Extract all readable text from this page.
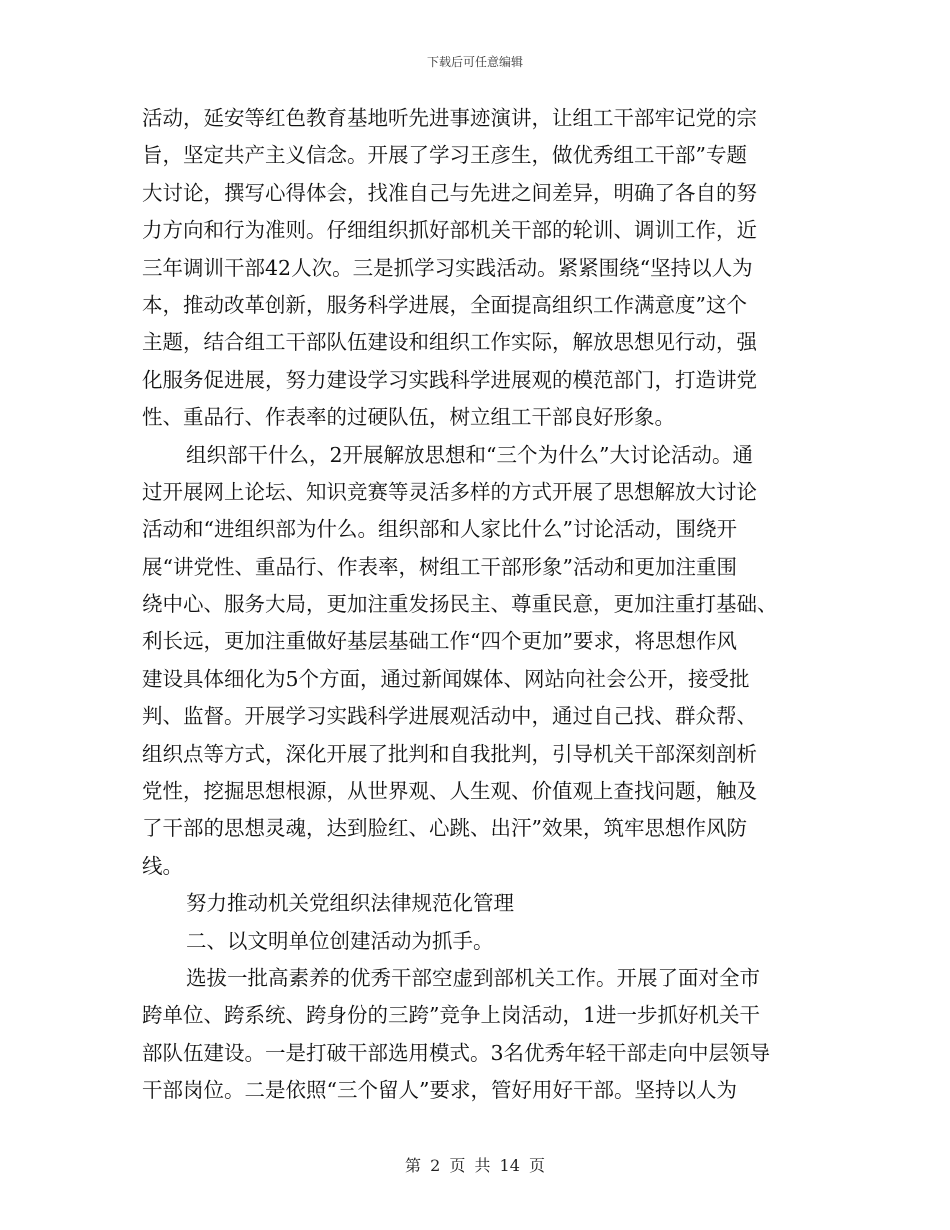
下载后可任意编辑
活动，延安等红色教育基地听先进事迹演讲，让组工干部牢记党的宗
旨，坚定共产主义信念。开展了学习王彦生，做优秀组工干部”专题
大讨论，撰写心得体会，找准自己与先进之间差异，明确了各自的努
力方向和行为准则。仔细组织抓好部机关干部的轮训、调训工作，近
三年调训干部42人次。三是抓学习实践活动。紧紧围绕“坚持以人为
本，推动改革创新，服务科学进展，全面提高组织工作满意度”这个
主题，结合组工干部队伍建设和组织工作实际，解放思想见行动，强
化服务促进展，努力建设学习实践科学进展观的模范部门，打造讲党
性、重品行、作表率的过硬队伍，树立组工干部良好形象。
组织部干什么，2开展解放思想和“三个为什么”大讨论活动。通
过开展网上论坛、知识竞赛等灵活多样的方式开展了思想解放大讨论
活动和“进组织部为什么。组织部和人家比什么”讨论活动，围绕开
展“讲党性、重品行、作表率，树组工干部形象”活动和更加注重围
绕中心、服务大局，更加注重发扬民主、尊重民意，更加注重打基础、
利长远，更加注重做好基层基础工作“四个更加”要求，将思想作风
建设具体细化为5个方面，通过新闻媒体、网站向社会公开，接受批
判、监督。开展学习实践科学进展观活动中，通过自己找、群众帮、
组织点等方式，深化开展了批判和自我批判，引导机关干部深刻剖析
党性，挖掘思想根源，从世界观、人生观、价值观上查找问题，触及
了干部的思想灵魂，达到脸红、心跳、出汗”效果，筑牢思想作风防
线。
努力推动机关党组织法律规范化管理
二、以文明单位创建活动为抓手。
选拔一批高素养的优秀干部空虚到部机关工作。开展了面对全市
跨单位、跨系统、跨身份的三跨”竞争上岗活动，1进一步抓好机关干
部队伍建设。一是打破干部选用模式。3名优秀年轻干部走向中层领导
干部岗位。二是依照“三个留人”要求，管好用好干部。坚持以人为
第 2 页 共 14 页
